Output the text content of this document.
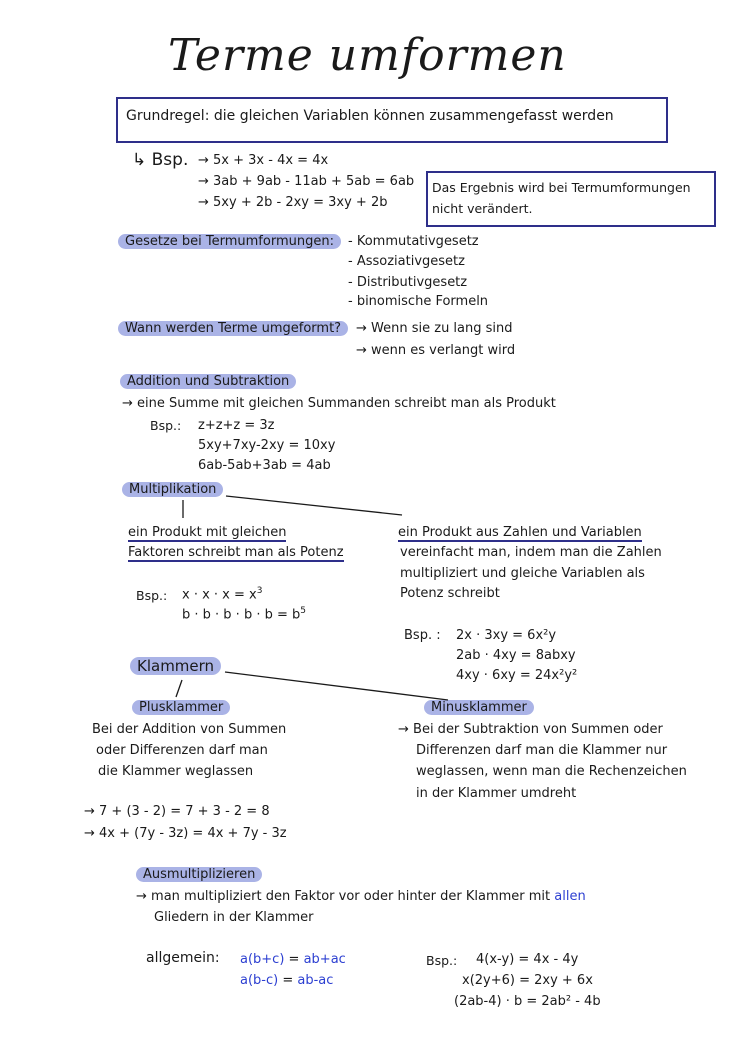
Terme umformen
Grundregel: die gleichen Variablen können zusammengefasst werden
↳ Bsp. → 5x + 3x - 4x = 4x
→ 3ab + 9ab - 11ab + 5ab = 6ab
→ 5xy + 2b - 2xy = 3xy + 2b
Das Ergebnis wird bei Termumformungen
nicht verändert.
Gesetze bei Termumformungen:	- Kommutativgesetz
- Assoziativgesetz
- Distributivgesetz
- binomische Formeln
Wann werden Terme umgeformt?	→ Wenn sie zu lang sind
→ wenn es verlangt wird
Addition und Subtraktion
→ eine Summe mit gleichen Summanden schreibt man als Produkt
Bsp.: z+z+z = 3z
5xy+7xy-2xy = 10xy
6ab-5ab+3ab = 4ab
Multiplikation
ein Produkt mit gleichen
Faktoren schreibt man als Potenz
Bsp.: $x \cdot x \cdot x = x^3$
$b \cdot b \cdot b \cdot b \cdot b = b^5$
ein Produkt aus Zahlen und Variablen
vereinfacht man, indem man die Zahlen
multipliziert und gleiche Variablen als
Potenz schreibt
Bsp. : 2x · 3xy = 6x²y
2ab · 4xy = 8abxy
4xy · 6xy = 24x²y²
Klammern
Plusklammer
Bei der Addition von Summen
oder Differenzen darf man
die Klammer weglassen
→ 7 + (3 - 2) = 7 + 3 - 2 = 8
→ 4x + (7y - 3z) = 4x + 7y - 3z
Minusklammer
→ Bei der Subtraktion von Summen oder
Differenzen darf man die Klammer nur
weglassen, wenn man die Rechenzeichen
in der Klammer umdreht
Ausmultiplizieren
→ man multipliziert den Faktor vor oder hinter der Klammer mit allen
Gliedern in der Klammer
allgemein: a(b+c) = ab+ac
a(b-c) = ab-ac
Bsp.: 4(x-y) = 4x - 4y
x(2y+6) = 2xy + 6x
(2ab-4) · b = 2ab² - 4b
